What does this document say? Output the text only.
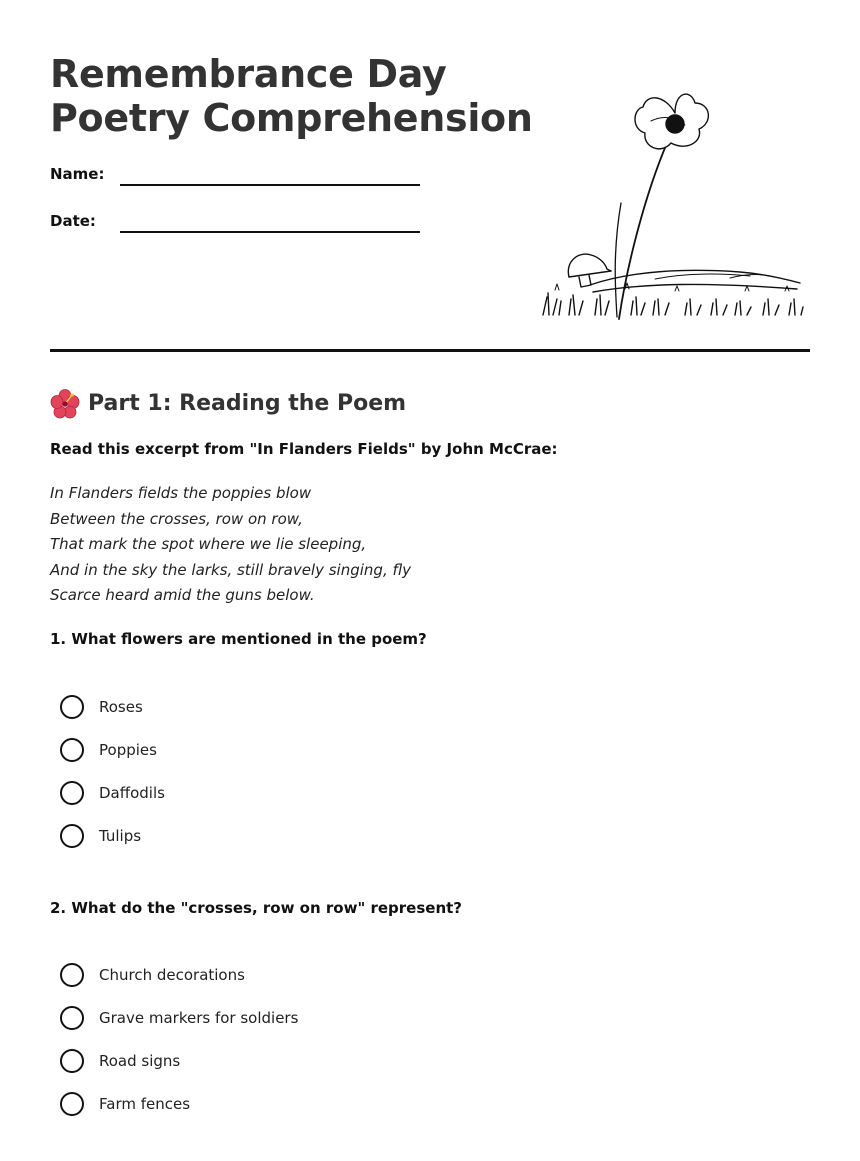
Remembrance Day
Poetry Comprehension
Name:
Date:
Part 1: Reading the Poem
Read this excerpt from "In Flanders Fields" by John McCrae:
In Flanders fields the poppies blow
Between the crosses, row on row,
That mark the spot where we lie sleeping,
And in the sky the larks, still bravely singing, fly
Scarce heard amid the guns below.
1. What flowers are mentioned in the poem?
Roses
Poppies
Daffodils
Tulips
2. What do the "crosses, row on row" represent?
Church decorations
Grave markers for soldiers
Road signs
Farm fences
